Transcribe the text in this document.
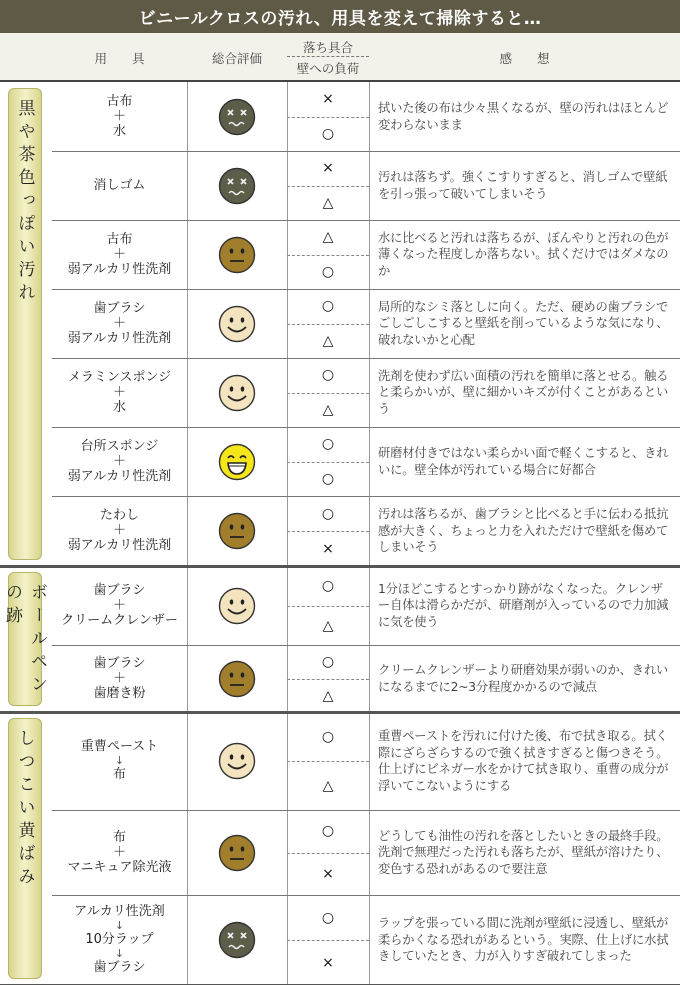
ビニールクロスの汚れ、用具を変えて掃除すると…
用　　具	総合評価
落ち具合
壁への負荷
感　　想
古布
＋
水
×
○
拭いた後の布は少々黒くなるが、壁の汚れはほとんど変わらないまま
消しゴム
×
△
汚れは落ちず。強くこすりすぎると、消しゴムで壁紙を引っ張って破いてしまいそう
古布
＋
弱アルカリ性洗剤
△
○
水に比べると汚れは落ちるが、ぼんやりと汚れの色が薄くなった程度しか落ちない。拭くだけではダメなのか
歯ブラシ
＋
弱アルカリ性洗剤
○
△
局所的なシミ落としに向く。ただ、硬めの歯ブラシでごしごしこすると壁紙を削っているような気になり、破れないかと心配
メラミンスポンジ
＋
水
○
△
洗剤を使わず広い面積の汚れを簡単に落とせる。触ると柔らかいが、壁に細かいキズが付くことがあるという
台所スポンジ
＋
弱アルカリ性洗剤
○
○
研磨材付きではない柔らかい面で軽くこすると、きれいに。壁全体が汚れている場合に好都合
たわし
＋
弱アルカリ性洗剤
○
×
汚れは落ちるが、歯ブラシと比べると手に伝わる抵抗感が大きく、ちょっと力を入れただけで壁紙を傷めてしまいそう
歯ブラシ
＋
クリームクレンザー
○
△
1分ほどこするとすっかり跡がなくなった。クレンザー自体は滑らかだが、研磨剤が入っているので力加減に気を使う
歯ブラシ
＋
歯磨き粉
○
△
クリームクレンザーより研磨効果が弱いのか、きれいになるまでに2~3分程度かかるので減点
重曹ペースト
↓
布
○
△
重曹ペーストを汚れに付けた後、布で拭き取る。拭く際にざらざらするので強く拭きすぎると傷つきそう。仕上げにビネガー水をかけて拭き取り、重曹の成分が浮いてこないようにする
布
＋
マニキュア除光液
○
×
どうしても油性の汚れを落としたいときの最終手段。洗剤で無理だった汚れも落ちたが、壁紙が溶けたり、変色する恐れがあるので要注意
アルカリ性洗剤
↓
10分ラップ
↓
歯ブラシ
○
×
ラップを張っている間に洗剤が壁紙に浸透し、壁紙が柔らかくなる恐れがあるという。実際、仕上げに水拭きしていたとき、力が入りすぎ破れてしまった
黒や茶色っぽい汚れ
ボールペンの跡
しつこい黄ばみ
